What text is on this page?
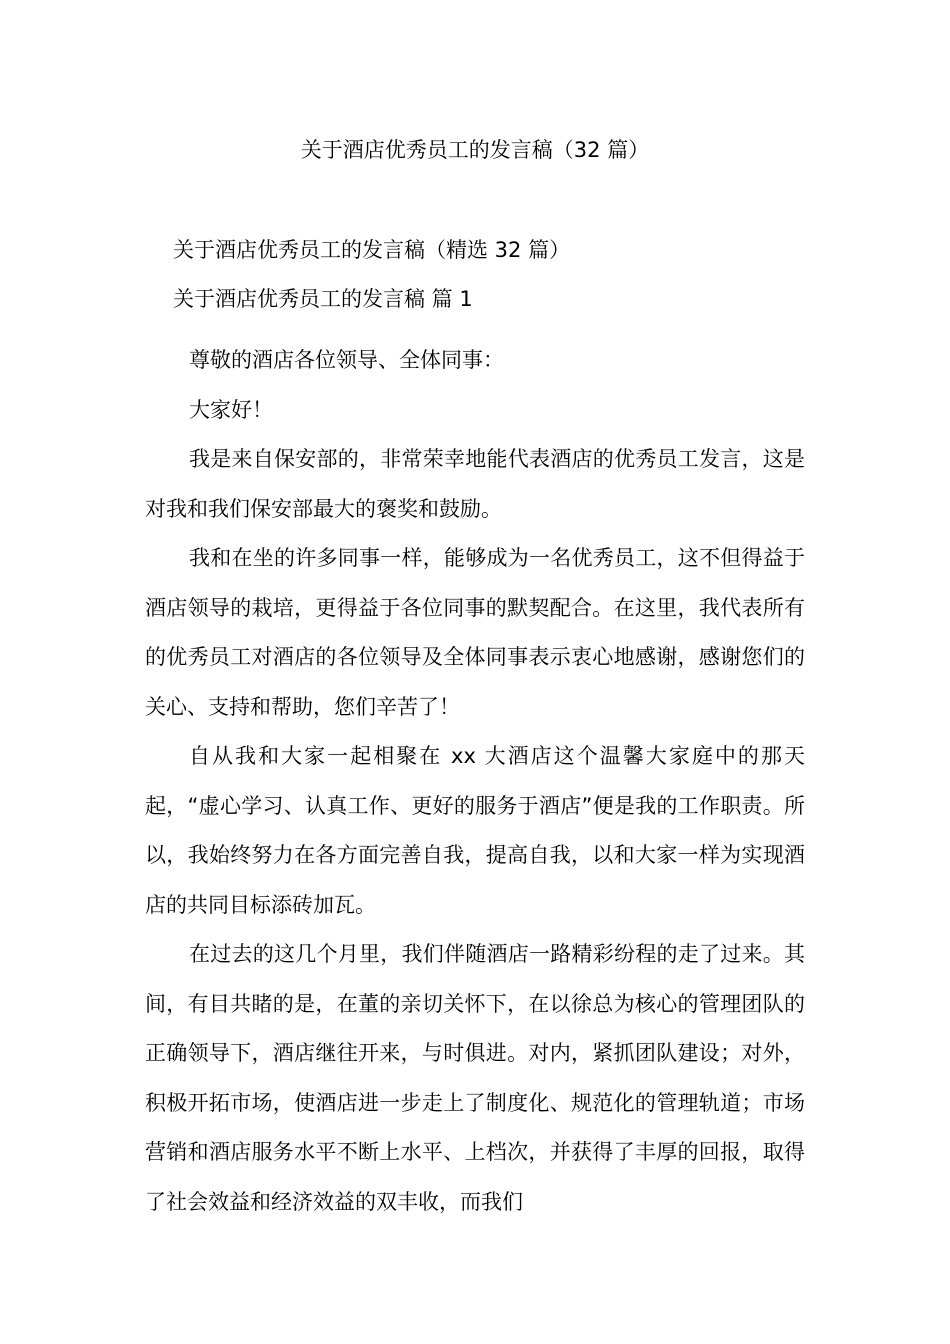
关于酒店优秀员工的发言稿（32 篇）

关于酒店优秀员工的发言稿（精选 32 篇）

关于酒店优秀员工的发言稿 篇 1

尊敬的酒店各位领导、全体同事：

大家好！

我是来自保安部的，非常荣幸地能代表酒店的优秀员工发言，这是对我和我们保安部最大的褒奖和鼓励。

我和在坐的许多同事一样，能够成为一名优秀员工，这不但得益于酒店领导的栽培，更得益于各位同事的默契配合。在这里，我代表所有的优秀员工对酒店的各位领导及全体同事表示衷心地感谢，感谢您们的关心、支持和帮助，您们辛苦了！

自从我和大家一起相聚在 xx 大酒店这个温馨大家庭中的那天起，“虚心学习、认真工作、更好的服务于酒店”便是我的工作职责。所以，我始终努力在各方面完善自我，提高自我，以和大家一样为实现酒店的共同目标添砖加瓦。

在过去的这几个月里，我们伴随酒店一路精彩纷程的走了过来。其间，有目共睹的是，在董的亲切关怀下，在以徐总为核心的管理团队的正确领导下，酒店继往开来，与时俱进。对内，紧抓团队建设；对外，积极开拓市场，使酒店进一步走上了制度化、规范化的管理轨道；市场营销和酒店服务水平不断上水平、上档次，并获得了丰厚的回报，取得了社会效益和经济效益的双丰收，而我们
